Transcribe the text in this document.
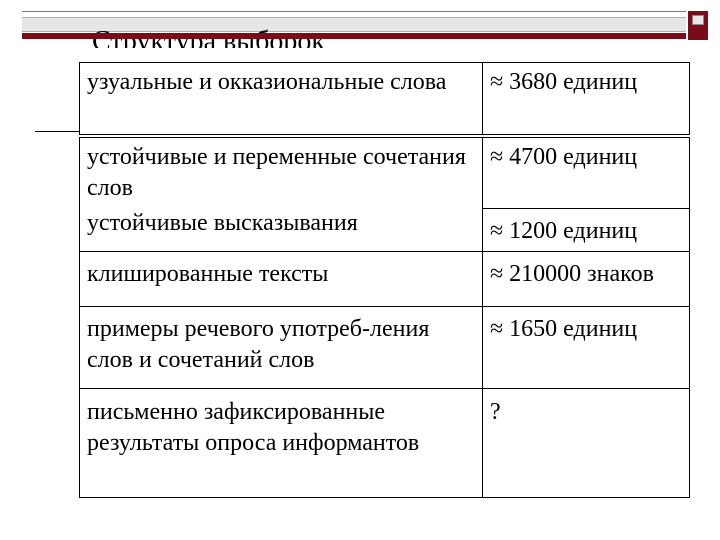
узуальные и окказиональные слова	≈ 3680 единиц
устойчивые и переменные сочетания слов	≈ 4700 единиц
устойчивые высказывания	≈ 1200 единиц
клишированные тексты	≈ 210000 знаков
примеры речевого употреб-ления слов и сочетаний слов	≈ 1650 единиц
письменно зафиксированные результаты опроса информантов	?
